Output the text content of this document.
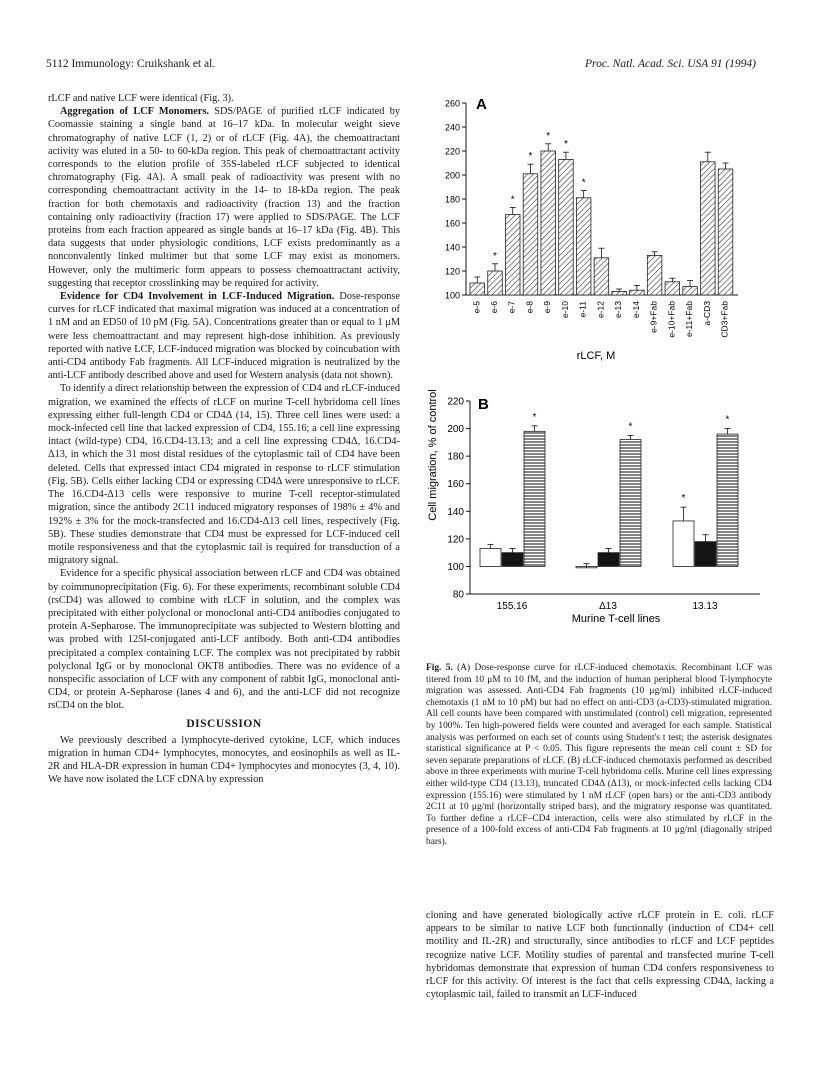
5112 Immunology: Cruikshank et al.	Proc. Natl. Acad. Sci. USA 91 (1994)

rLCF and native LCF were identical (Fig. 3).

Aggregation of LCF Monomers. SDS/PAGE of purified rLCF indicated by Coomassie staining a single band at 16–17 kDa. In molecular weight sieve chromatography of native LCF (1, 2) or of rLCF (Fig. 4A), the chemoattractant activity was eluted in a 50- to 60-kDa region. This peak of chemoattractant activity corresponds to the elution profile of 35S-labeled rLCF subjected to identical chromatography (Fig. 4A). A small peak of radioactivity was present with no corresponding chemoattractant activity in the 14- to 18-kDa region. The peak fraction for both chemotaxis and radioactivity (fraction 13) and the fraction containing only radioactivity (fraction 17) were applied to SDS/PAGE. The LCF proteins from each fraction appeared as single bands at 16–17 kDa (Fig. 4B). This data suggests that under physiologic conditions, LCF exists predominantly as a nonconvalently linked multimer but that some LCF may exist as monomers. However, only the multimeric form appears to possess chemoattractant activity, suggesting that receptor crosslinking may be required for activity.

Evidence for CD4 Involvement in LCF-Induced Migration. Dose-response curves for rLCF indicated that maximal migration was induced at a concentration of 1 nM and an ED50 of 10 pM (Fig. 5A). Concentrations greater than or equal to 1 μM were less chemoattractant and may represent high-dose inhibition. As previously reported with native LCF, LCF-induced migration was blocked by coincubation with anti-CD4 antibody Fab fragments. All LCF-induced migration is neutralized by the anti-LCF antibody described above and used for Western analysis (data not shown).

To identify a direct relationship between the expression of CD4 and rLCF-induced migration, we examined the effects of rLCF on murine T-cell hybridoma cell lines expressing either full-length CD4 or CD4Δ (14, 15). Three cell lines were used: a mock-infected cell line that lacked expression of CD4, 155.16; a cell line expressing intact (wild-type) CD4, 16.CD4-13.13; and a cell line expressing CD4Δ, 16.CD4-Δ13, in which the 31 most distal residues of the cytoplasmic tail of CD4 have been deleted. Cells that expressed intact CD4 migrated in response to rLCF stimulation (Fig. 5B). Cells either lacking CD4 or expressing CD4Δ were unresponsive to rLCF. The 16.CD4-Δ13 cells were responsive to murine T-cell receptor-stimulated migration, since the antibody 2C11 induced migratory responses of 198% ± 4% and 192% ± 3% for the mock-transfected and 16.CD4-Δ13 cell lines, respectively (Fig. 5B). These studies demonstrate that CD4 must be expressed for LCF-induced cell motile responsiveness and that the cytoplasmic tail is required for transduction of a migratory signal.

Evidence for a specific physical association between rLCF and CD4 was obtained by coimmunoprecipitation (Fig. 6). For these experiments, recombinant soluble CD4 (rsCD4) was allowed to combine with rLCF in solution, and the complex was precipitated with either polyclonal or monoclonal anti-CD4 antibodies conjugated to protein A-Sepharose. The immunoprecipitate was subjected to Western blotting and was probed with 125I-conjugated anti-LCF antibody. Both anti-CD4 antibodies precipitated a complex containing LCF. The complex was not precipitated by rabbit polyclonal IgG or by monoclonal OKT8 antibodies. There was no evidence of a nonspecific association of LCF with any component of rabbit IgG, monoclonal anti-CD4, or protein A-Sepharose (lanes 4 and 6), and the anti-LCF did not recognize rsCD4 on the blot.

DISCUSSION

We previously described a lymphocyte-derived cytokine, LCF, which induces migration in human CD4+ lymphocytes, monocytes, and eosinophils as well as IL-2R and HLA-DR expression in human CD4+ lymphocytes and monocytes (3, 4, 10). We have now isolated the LCF cDNA by expression

100
120
140
160
180
200
220
240
260
e-5
*
e-6
*
e-7
*
e-8
*
e-9
*
e-10
*
e-11 e-12 e-13 e-14 e-9+Fab e-10+Fab e-11+Fab a-CD3 CD3+Fab
80
100
120
140
160
180
200
220
*
155.16
*
Δ13
*
*
13.13
Cell migration, % of control
A
B
rLCF, M
Murine T-cell lines
Fig. 5. (A) Dose-response curve for rLCF-induced chemotaxis. Recombinant LCF was titered from 10 μM to 10 fM, and the induction of human peripheral blood T-lymphocyte migration was assessed. Anti-CD4 Fab fragments (10 μg/ml) inhibited rLCF-induced chemotaxis (1 nM to 10 pM) but had no effect on anti-CD3 (a-CD3)-stimulated migration. All cell counts have been compared with unstimulated (control) cell migration, represented by 100%. Ten high-powered fields were counted and averaged for each sample. Statistical analysis was performed on each set of counts using Student's t test; the asterisk designates statistical significance at P < 0.05. This figure represents the mean cell count ± SD for seven separate preparations of rLCF. (B) rLCF-induced chemotaxis performed as described above in three experiments with murine T-cell hybridoma cells. Murine cell lines expressing either wild-type CD4 (13.13), truncated CD4Δ (Δ13), or mock-infected cells lacking CD4 expression (155.16) were stimulated by 1 nM rLCF (open bars) or the anti-CD3 antibody 2C11 at 10 μg/ml (horizontally striped bars), and the migratory response was quantitated. To further define a rLCF–CD4 interaction, cells were also stimulated by rLCF in the presence of a 100-fold excess of anti-CD4 Fab fragments at 10 μg/ml (diagonally striped bars).

cloning and have generated biologically active rLCF protein in E. coli. rLCF appears to be similar to native LCF both functionally (induction of CD4+ cell motility and IL-2R) and structurally, since antibodies to rLCF and LCF peptides recognize native LCF. Motility studies of parental and transfected murine T-cell hybridomas demonstrate that expression of human CD4 confers responsiveness to rLCF for this activity. Of interest is the fact that cells expressing CD4Δ, lacking a cytoplasmic tail, failed to transmit an LCF-induced
